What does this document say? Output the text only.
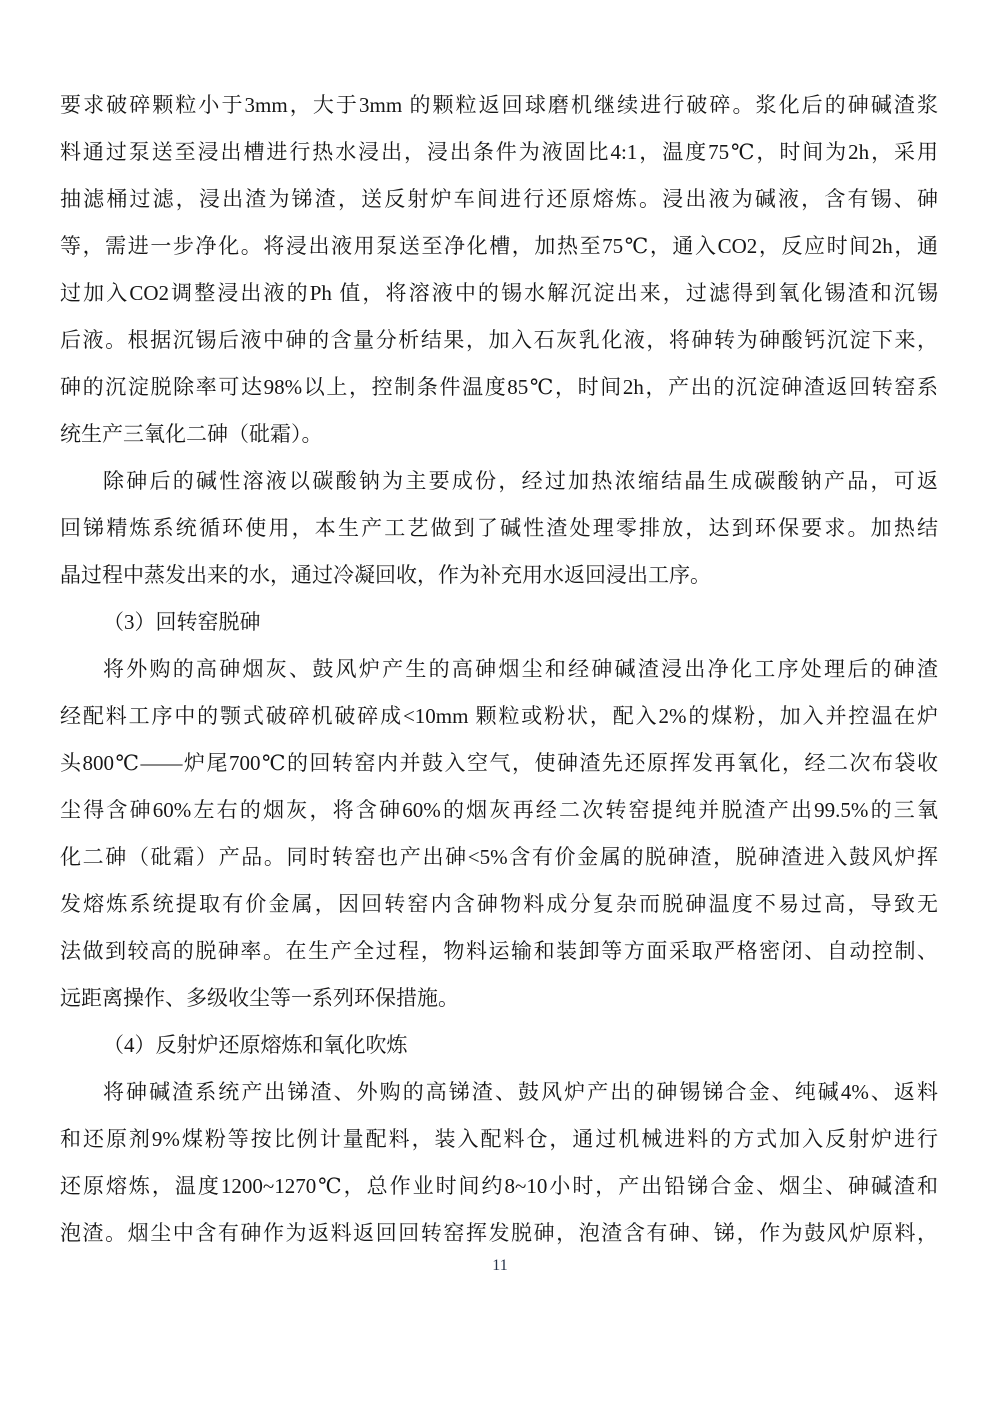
要求破碎颗粒小于3mm，大于3mm 的颗粒返回球磨机继续进行破碎。浆化后的砷碱渣浆
料通过泵送至浸出槽进行热水浸出，浸出条件为液固比4:1，温度75℃，时间为2h，采用
抽滤桶过滤，浸出渣为锑渣，送反射炉车间进行还原熔炼。浸出液为碱液，含有锡、砷
等，需进一步净化。将浸出液用泵送至净化槽，加热至75℃，通入CO2，反应时间2h，通
过加入CO2调整浸出液的Ph 值，将溶液中的锡水解沉淀出来，过滤得到氧化锡渣和沉锡
后液。根据沉锡后液中砷的含量分析结果，加入石灰乳化液，将砷转为砷酸钙沉淀下来，
砷的沉淀脱除率可达98%以上，控制条件温度85℃，时间2h，产出的沉淀砷渣返回转窑系
统生产三氧化二砷（砒霜）。
除砷后的碱性溶液以碳酸钠为主要成份，经过加热浓缩结晶生成碳酸钠产品，可返
回锑精炼系统循环使用，本生产工艺做到了碱性渣处理零排放，达到环保要求。加热结
晶过程中蒸发出来的水，通过冷凝回收，作为补充用水返回浸出工序。
（3）回转窑脱砷
将外购的高砷烟灰、鼓风炉产生的高砷烟尘和经砷碱渣浸出净化工序处理后的砷渣
经配料工序中的颚式破碎机破碎成<10mm 颗粒或粉状，配入2%的煤粉，加入并控温在炉
头800℃——炉尾700℃的回转窑内并鼓入空气，使砷渣先还原挥发再氧化，经二次布袋收
尘得含砷60%左右的烟灰，将含砷60%的烟灰再经二次转窑提纯并脱渣产出99.5%的三氧
化二砷（砒霜）产品。同时转窑也产出砷<5%含有价金属的脱砷渣，脱砷渣进入鼓风炉挥
发熔炼系统提取有价金属，因回转窑内含砷物料成分复杂而脱砷温度不易过高，导致无
法做到较高的脱砷率。在生产全过程，物料运输和装卸等方面采取严格密闭、自动控制、
远距离操作、多级收尘等一系列环保措施。
（4）反射炉还原熔炼和氧化吹炼
将砷碱渣系统产出锑渣、外购的高锑渣、鼓风炉产出的砷锡锑合金、纯碱4%、返料
和还原剂9%煤粉等按比例计量配料，装入配料仓，通过机械进料的方式加入反射炉进行
还原熔炼，温度1200~1270℃，总作业时间约8~10小时，产出铅锑合金、烟尘、砷碱渣和
泡渣。烟尘中含有砷作为返料返回回转窑挥发脱砷，泡渣含有砷、锑，作为鼓风炉原料，
11
